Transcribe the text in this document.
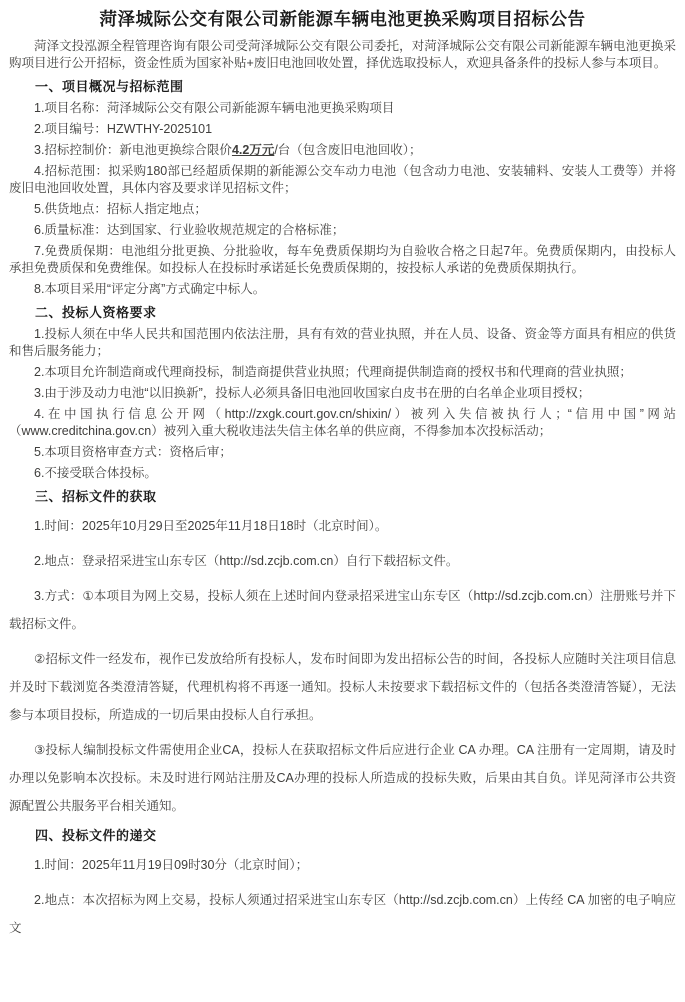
菏泽城际公交有限公司新能源车辆电池更换采购项目招标公告

菏泽文投泓源全程管理咨询有限公司受菏泽城际公交有限公司委托，对菏泽城际公交有限公司新能源车辆电池更换采购项目进行公开招标，资金性质为国家补贴+废旧电池回收处置，择优选取投标人，欢迎具备条件的投标人参与本项目。

一、项目概况与招标范围

1.项目名称：菏泽城际公交有限公司新能源车辆电池更换采购项目

2.项目编号：HZWTHY-2025101

3.招标控制价：新电池更换综合限价4.2万元/台（包含废旧电池回收）；

4.招标范围：拟采购180部已经超质保期的新能源公交车动力电池（包含动力电池、安装辅料、安装人工费等）并将废旧电池回收处置，具体内容及要求详见招标文件；

5.供货地点：招标人指定地点；

6.质量标准：达到国家、行业验收规范规定的合格标准；

7.免费质保期：电池组分批更换、分批验收，每车免费质保期均为自验收合格之日起7年。免费质保期内，由投标人承担免费质保和免费维保。如投标人在投标时承诺延长免费质保期的，按投标人承诺的免费质保期执行。

8.本项目采用“评定分离”方式确定中标人。

二、投标人资格要求

1.投标人须在中华人民共和国范围内依法注册，具有有效的营业执照，并在人员、设备、资金等方面具有相应的供货和售后服务能力；

2.本项目允许制造商或代理商投标，制造商提供营业执照；代理商提供制造商的授权书和代理商的营业执照；

3.由于涉及动力电池“以旧换新”，投标人必须具备旧电池回收国家白皮书在册的白名单企业项目授权；

4.在中国执行信息公开网（http://zxgk.court.gov.cn/shixin/）被列入失信被执行人；“信用中国”网站（www.creditchina.gov.cn）被列入重大税收违法失信主体名单的供应商，不得参加本次投标活动；

5.本项目资格审查方式：资格后审；

6.不接受联合体投标。

三、招标文件的获取

1.时间：2025年10月29日至2025年11月18日18时（北京时间）。

2.地点：登录招采进宝山东专区（http://sd.zcjb.com.cn）自行下载招标文件。

3.方式：①本项目为网上交易，投标人须在上述时间内登录招采进宝山东专区（http://sd.zcjb.com.cn）注册账号并下载招标文件。

②招标文件一经发布，视作已发放给所有投标人，发布时间即为发出招标公告的时间，各投标人应随时关注项目信息并及时下载浏览各类澄清答疑，代理机构将不再逐一通知。投标人未按要求下载招标文件的（包括各类澄清答疑），无法参与本项目投标，所造成的一切后果由投标人自行承担。

③投标人编制投标文件需使用企业CA，投标人在获取招标文件后应进行企业 CA 办理。CA 注册有一定周期，请及时办理以免影响本次投标。未及时进行网站注册及CA办理的投标人所造成的投标失败，后果由其自负。详见菏泽市公共资源配置公共服务平台相关通知。

四、投标文件的递交

1.时间：2025年11月19日09时30分（北京时间）；

2.地点：本次招标为网上交易，投标人须通过招采进宝山东专区（http://sd.zcjb.com.cn）上传经 CA 加密的电子响应文
